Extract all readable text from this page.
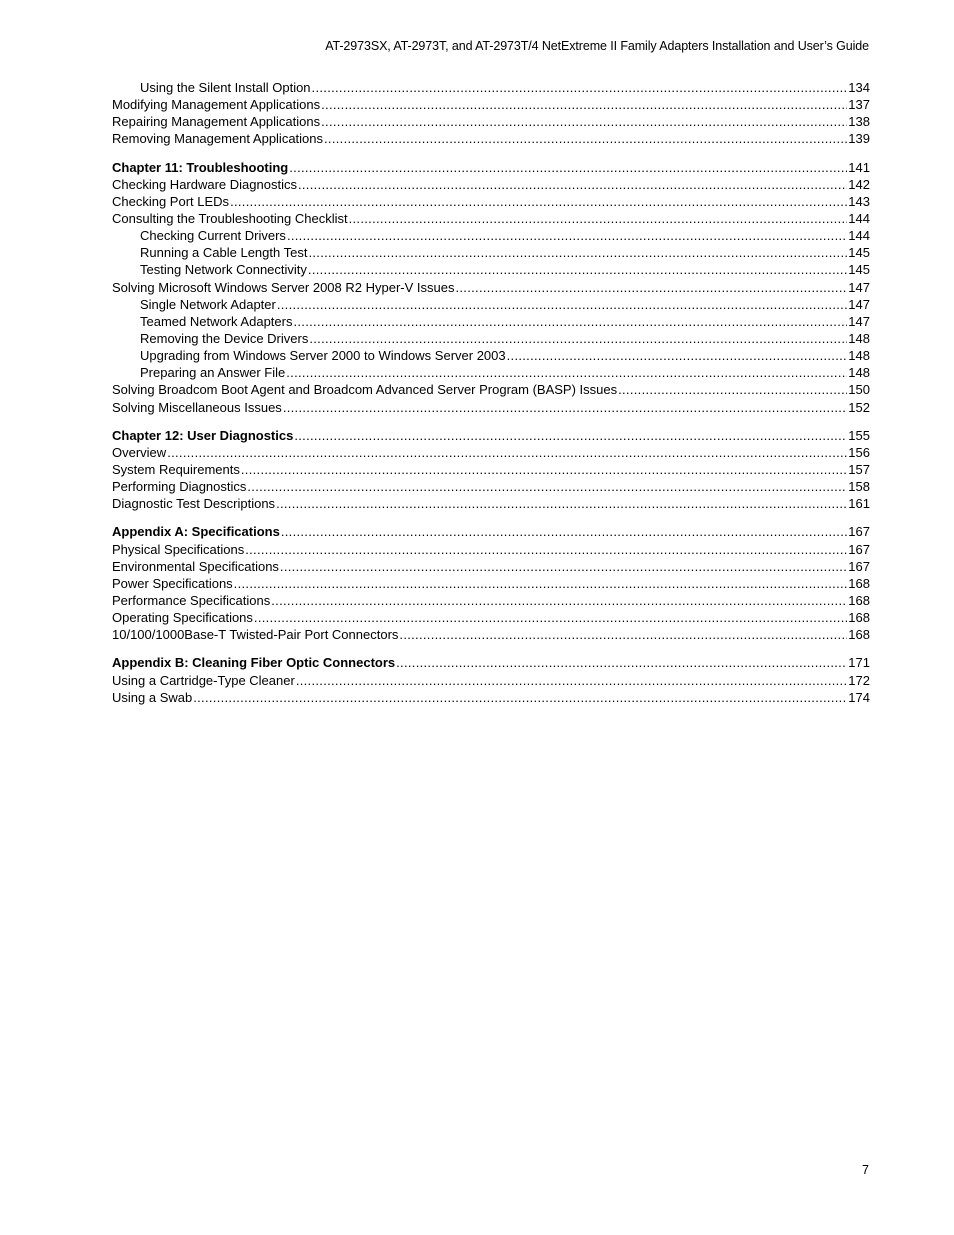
AT-2973SX, AT-2973T, and AT-2973T/4 NetExtreme II Family Adapters Installation and User’s Guide
Using the Silent Install Option .....	134
Modifying Management Applications .....	137
Repairing Management Applications .....	138
Removing Management Applications .....	139
Chapter 11: Troubleshooting .....	141
Checking Hardware Diagnostics .....	142
Checking Port LEDs .....	143
Consulting the Troubleshooting Checklist .....	144
Checking Current Drivers .....	144
Running a Cable Length Test .....	145
Testing Network Connectivity .....	145
Solving Microsoft Windows Server 2008 R2 Hyper-V Issues .....	147
Single Network Adapter .....	147
Teamed Network Adapters .....	147
Removing the Device Drivers .....	148
Upgrading from Windows Server 2000 to Windows Server 2003 .....	148
Preparing an Answer File .....	148
Solving Broadcom Boot Agent and Broadcom Advanced Server Program (BASP) Issues .....	150
Solving Miscellaneous Issues .....	152
Chapter 12: User Diagnostics .....	155
Overview .....	156
System Requirements .....	157
Performing Diagnostics .....	158
Diagnostic Test Descriptions .....	161
Appendix A: Specifications .....	167
Physical Specifications .....	167
Environmental Specifications .....	167
Power Specifications .....	168
Performance Specifications .....	168
Operating Specifications .....	168
10/100/1000Base-T Twisted-Pair Port Connectors .....	168
Appendix B: Cleaning Fiber Optic Connectors .....	171
Using a Cartridge-Type Cleaner .....	172
Using a Swab .....	174
7
